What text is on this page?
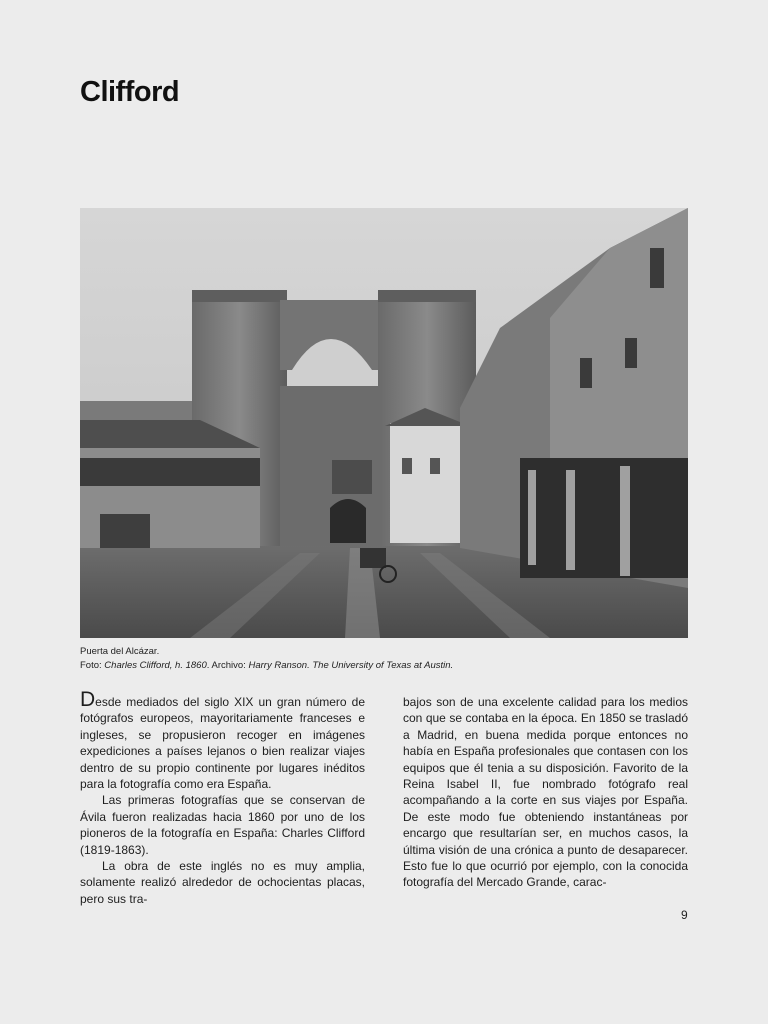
Clifford
Puerta del Alcázar.
Foto: Charles Clifford, h. 1860. Archivo: Harry Ranson. The University of Texas at Austin.

Desde mediados del siglo XIX un gran número de fotógrafos europeos, mayoritariamente franceses e ingleses, se propusieron recoger en imágenes expediciones a países lejanos o bien realizar viajes dentro de su propio continente por lugares inéditos para la fotografía como era España.

Las primeras fotografías que se conservan de Ávila fueron realizadas hacia 1860 por uno de los pioneros de la fotografía en España: Charles Clifford (1819-1863).

La obra de este inglés no es muy amplia, solamente realizó alrededor de ochocientas placas, pero sus tra-

bajos son de una excelente calidad para los medios con que se contaba en la época. En 1850 se trasladó a Madrid, en buena medida porque entonces no había en España profesionales que contasen con los equipos que él tenia a su disposición. Favorito de la Reina Isabel II, fue nombrado fotógrafo real acompañando a la corte en sus viajes por España. De este modo fue obteniendo instantáneas por encargo que resultarían ser, en muchos casos, la última visión de una crónica a punto de desaparecer. Esto fue lo que ocurrió por ejemplo, con la conocida fotografía del Mercado Grande, carac-

9
